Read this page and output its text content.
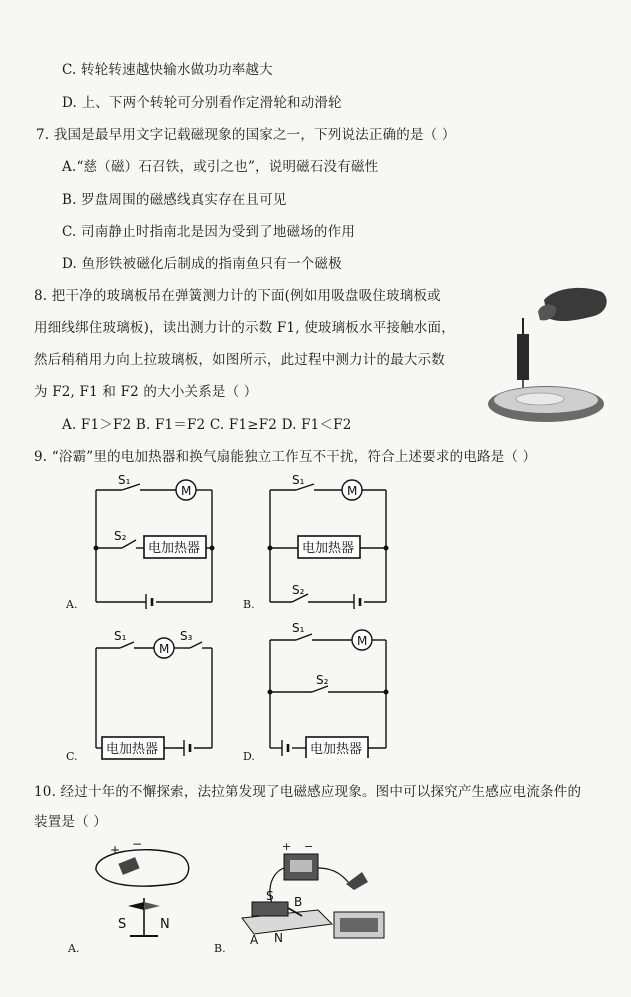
C. 转轮转速越快输水做功功率越大
D. 上、下两个转轮可分别看作定滑轮和动滑轮
7. 我国是最早用文字记载磁现象的国家之一，下列说法正确的是（ ）
A.“慈（磁）石召铁，或引之也”，说明磁石没有磁性
B. 罗盘周围的磁感线真实存在且可见
C. 司南静止时指南北是因为受到了地磁场的作用
D. 鱼形铁被磁化后制成的指南鱼只有一个磁极
8. 把干净的玻璃板吊在弹簧测力计的下面(例如用吸盘吸住玻璃板或
用细线绑住玻璃板)，读出测力计的示数 F1, 使玻璃板水平接触水面，
然后稍稍用力向上拉玻璃板，如图所示，此过程中测力计的最大示数
为 F2, F1 和 F2 的大小关系是（ ）
A. F1＞F2 B. F1＝F2 C. F1≥F2 D. F1＜F2
9. “浴霸”里的电加热器和换气扇能独立工作互不干扰，符合上述要求的电路是（ ）
M
电加热器
S₁
S₂
A.
M
电加热器
S₁
S₂
B.
M
电加热器
S₁	S₃
C.
M
电加热器
S₁
S₂
D.
10. 经过十年的不懈探索，法拉第发现了电磁感应现象。图中可以探究产生感应电流条件的
装置是（ ）
+ −
S	N
A.
+ −
S B
A N
B.
